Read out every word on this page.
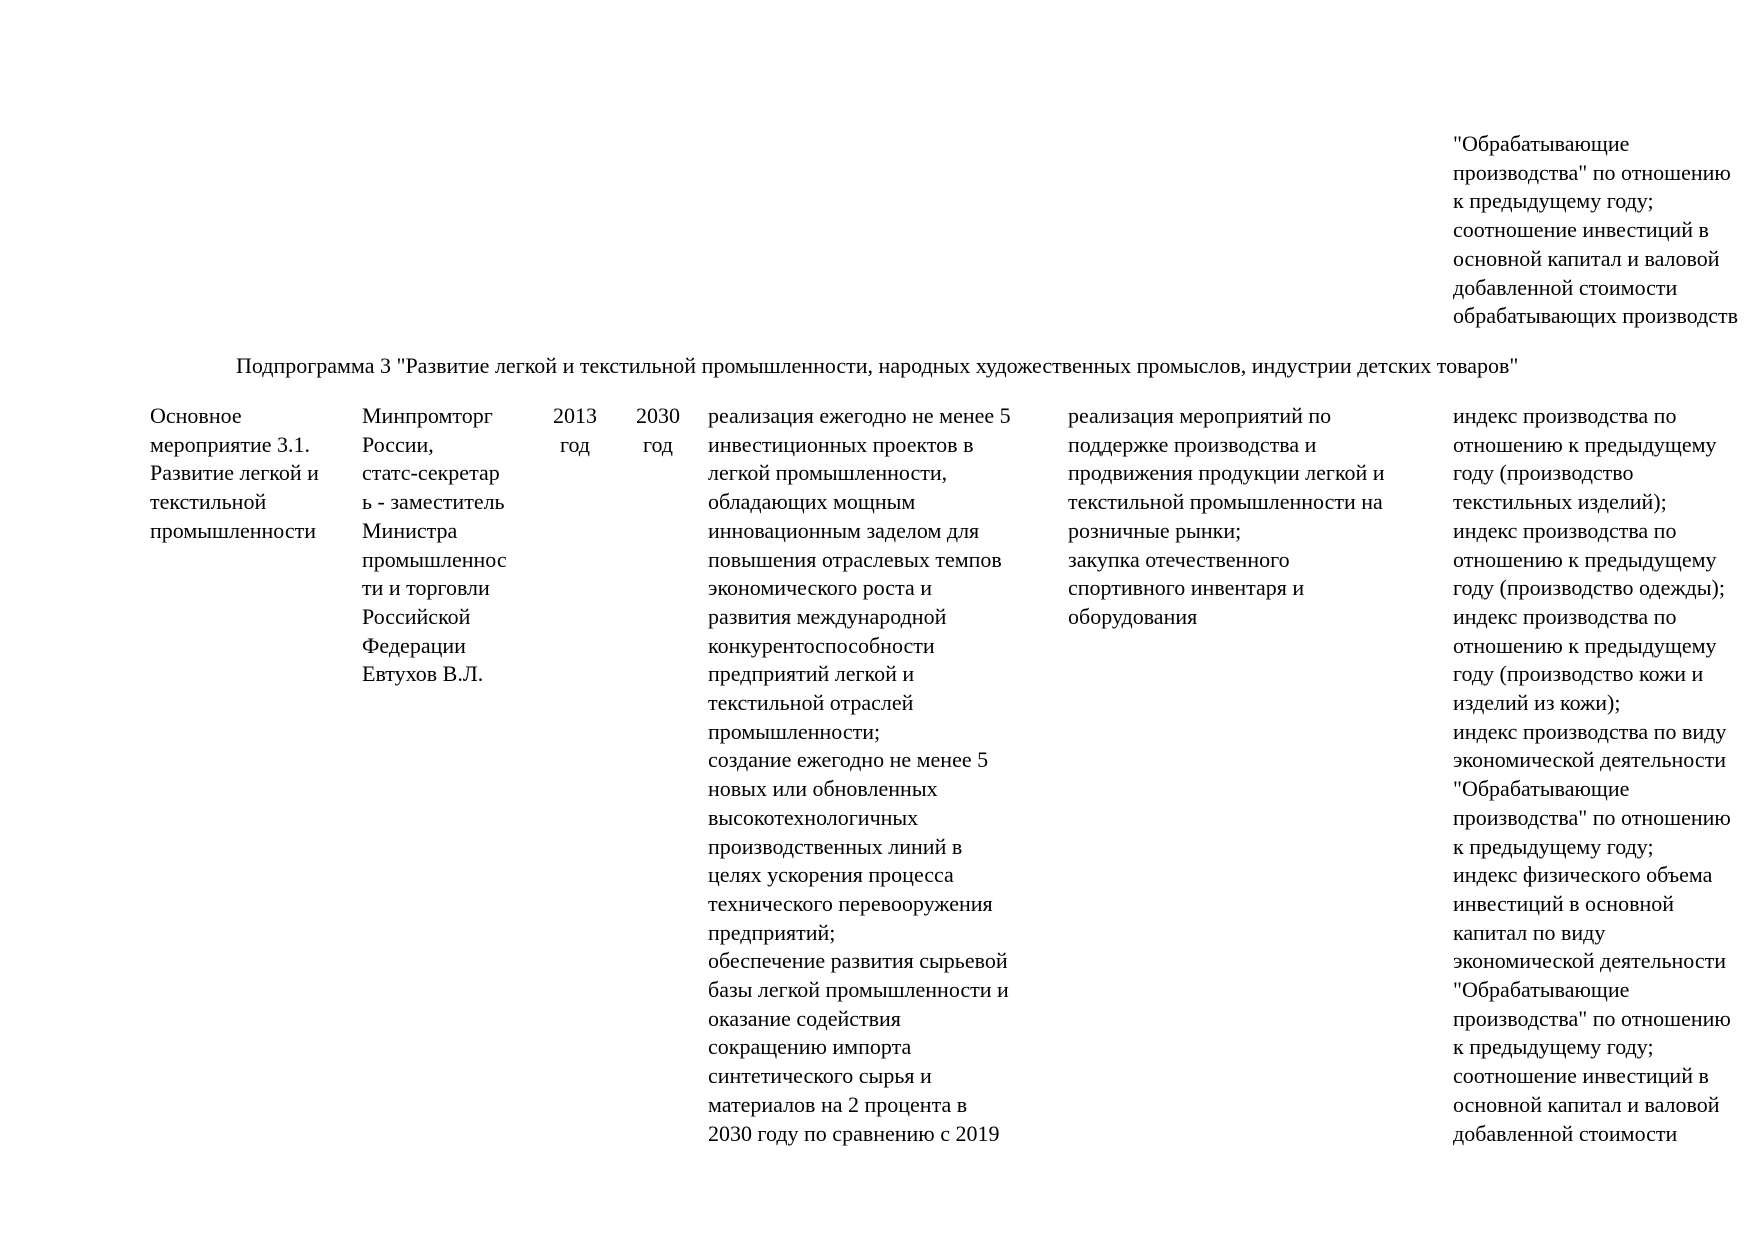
"Обрабатывающие
производства" по отношению
к предыдущему году;
соотношение инвестиций в
основной капитал и валовой
добавленной стоимости
обрабатывающих производств
Подпрограмма 3 "Развитие легкой и текстильной промышленности, народных художественных промыслов, индустрии детских товаров"
Основное
мероприятие 3.1.
Развитие легкой и
текстильной
промышленности
Минпромторг
России,
статс-секретар
ь - заместитель
Министра
промышленнос
ти и торговли
Российской
Федерации
Евтухов В.Л.
2013
год
2030
год
реализация ежегодно не менее 5
инвестиционных проектов в
легкой промышленности,
обладающих мощным
инновационным заделом для
повышения отраслевых темпов
экономического роста и
развития международной
конкурентоспособности
предприятий легкой и
текстильной отраслей
промышленности;
создание ежегодно не менее 5
новых или обновленных
высокотехнологичных
производственных линий в
целях ускорения процесса
технического перевооружения
предприятий;
обеспечение развития сырьевой
базы легкой промышленности и
оказание содействия
сокращению импорта
синтетического сырья и
материалов на 2 процента в
2030 году по сравнению с 2019
реализация мероприятий по
поддержке производства и
продвижения продукции легкой и
текстильной промышленности на
розничные рынки;
закупка отечественного
спортивного инвентаря и
оборудования
индекс производства по
отношению к предыдущему
году (производство
текстильных изделий);
индекс производства по
отношению к предыдущему
году (производство одежды);
индекс производства по
отношению к предыдущему
году (производство кожи и
изделий из кожи);
индекс производства по виду
экономической деятельности
"Обрабатывающие
производства" по отношению
к предыдущему году;
индекс физического объема
инвестиций в основной
капитал по виду
экономической деятельности
"Обрабатывающие
производства" по отношению
к предыдущему году;
соотношение инвестиций в
основной капитал и валовой
добавленной стоимости
